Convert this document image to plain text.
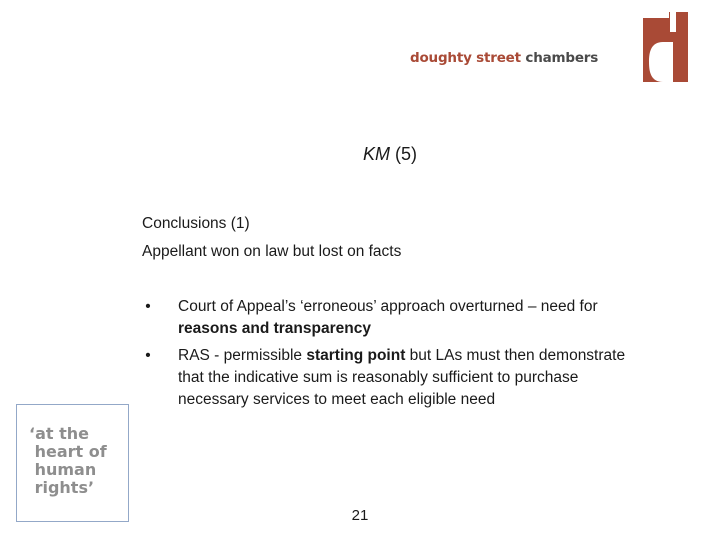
doughty street chambers
KM (5)
Conclusions (1)
Appellant won on law but lost on facts
• Court of Appeal’s ‘erroneous’ approach overturned – need for reasons and transparency
• RAS - permissible starting point but LAs must then demonstrate that the indicative sum is reasonably sufficient to purchase necessary services to meet each eligible need
‘at the
heart of
human
rights’
21
